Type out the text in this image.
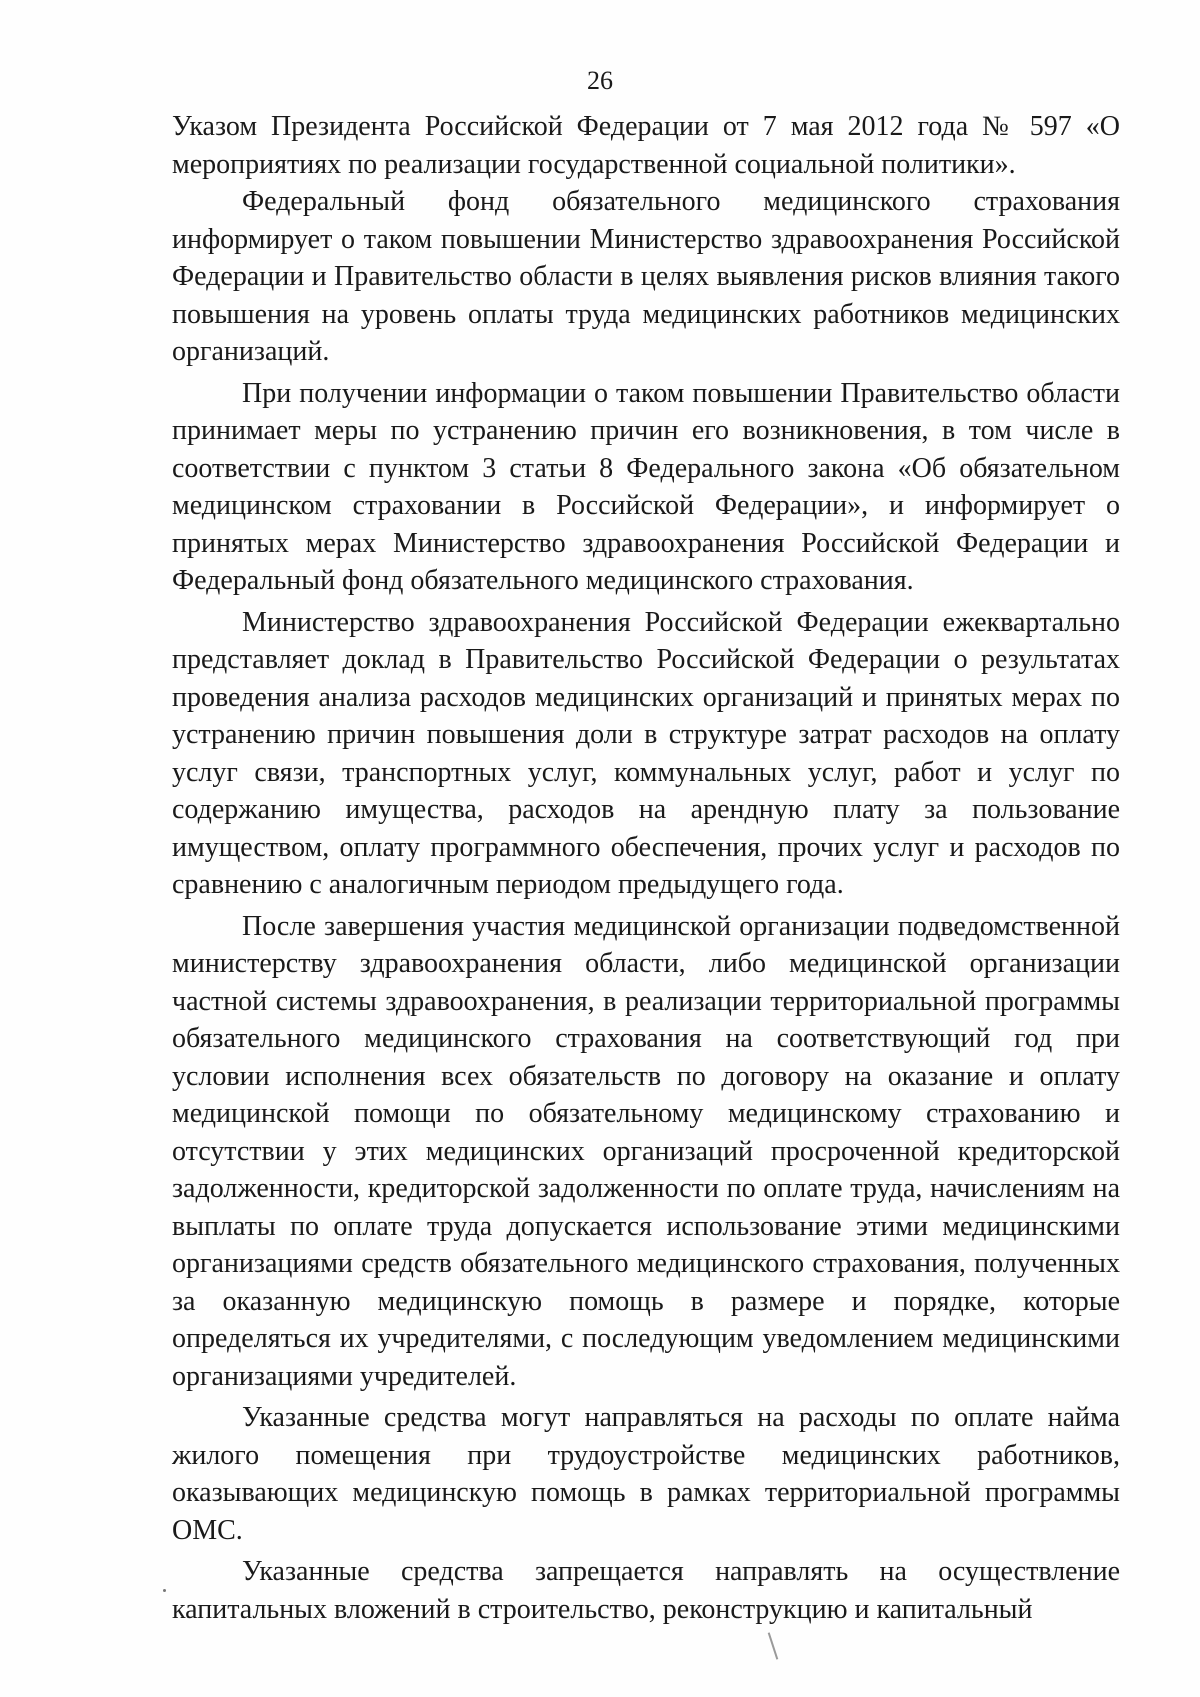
26

Указом Президента Российской Федерации от 7 мая 2012 года № 597 «О мероприятиях по реализации государственной социальной политики».

Федеральный фонд обязательного медицинского страхования информирует о таком повышении Министерство здравоохранения Российской Федерации и Правительство области в целях выявления рисков влияния такого повышения на уровень оплаты труда медицинских работников медицинских организаций.

При получении информации о таком повышении Правительство области принимает меры по устранению причин его возникновения, в том числе в соответствии с пунктом 3 статьи 8 Федерального закона «Об обязательном медицинском страховании в Российской Федерации», и информирует о принятых мерах Министерство здравоохранения Российской Федерации и Федеральный фонд обязательного медицинского страхования.

Министерство здравоохранения Российской Федерации ежеквартально представляет доклад в Правительство Российской Федерации о результатах проведения анализа расходов медицинских организаций и принятых мерах по устранению причин повышения доли в структуре затрат расходов на оплату услуг связи, транспортных услуг, коммунальных услуг, работ и услуг по содержанию имущества, расходов на арендную плату за пользование имуществом, оплату программного обеспечения, прочих услуг и расходов по сравнению с аналогичным периодом предыдущего года.

После завершения участия медицинской организации подведомственной министерству здравоохранения области, либо медицинской организации частной системы здравоохранения, в реализации территориальной программы обязательного медицинского страхования на соответствующий год при условии исполнения всех обязательств по договору на оказание и оплату медицинской помощи по обязательному медицинскому страхованию и отсутствии у этих медицинских организаций просроченной кредиторской задолженности, кредиторской задолженности по оплате труда, начислениям на выплаты по оплате труда допускается использование этими медицинскими организациями средств обязательного медицинского страхования, полученных за оказанную медицинскую помощь в размере и порядке, которые определяться их учредителями, с последующим уведомлением медицинскими организациями учредителей.

Указанные средства могут направляться на расходы по оплате найма жилого помещения при трудоустройстве медицинских работников, оказывающих медицинскую помощь в рамках территориальной программы ОМС.

Указанные средства запрещается направлять на осуществление капитальных вложений в строительство, реконструкцию и капитальный
